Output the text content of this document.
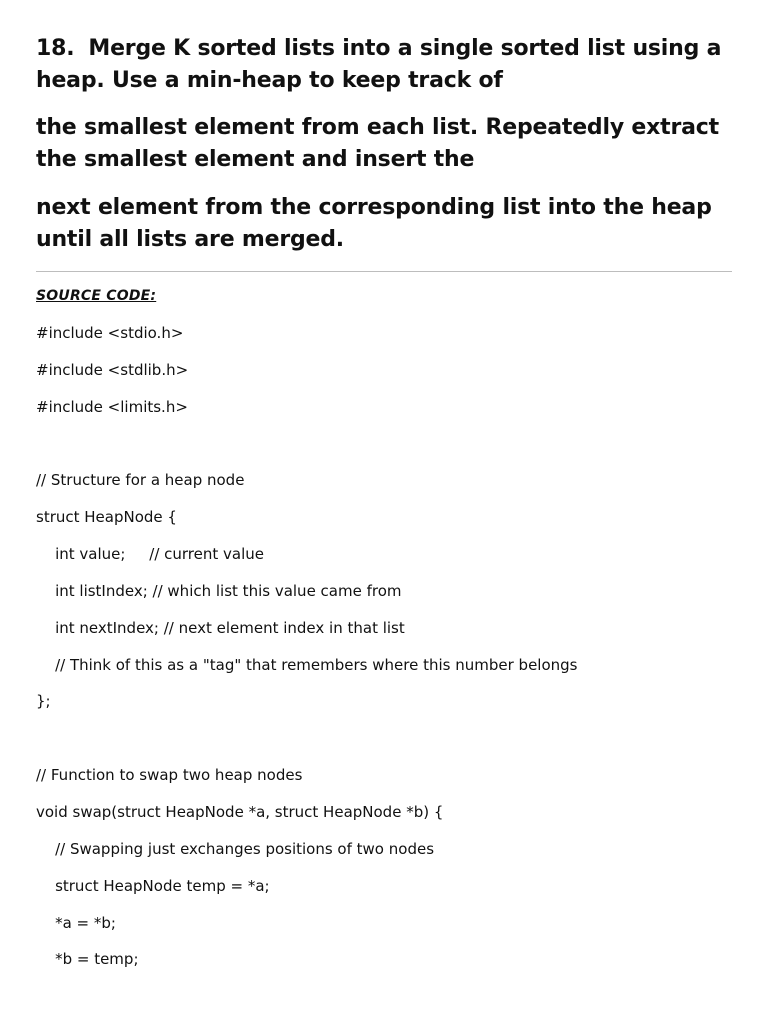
18. Merge K sorted lists into a single sorted list using a heap. Use a min-heap to keep track of

the smallest element from each list. Repeatedly extract the smallest element and insert the

next element from the corresponding list into the heap until all lists are merged.

SOURCE CODE:
#include <stdio.h>
#include <stdlib.h>
#include <limits.h>
// Structure for a heap node
struct HeapNode {
int value;     // current value
int listIndex; // which list this value came from
int nextIndex; // next element index in that list
// Think of this as a "tag" that remembers where this number belongs
};
// Function to swap two heap nodes
void swap(struct HeapNode *a, struct HeapNode *b) {
// Swapping just exchanges positions of two nodes
struct HeapNode temp = *a;
*a = *b;
*b = temp;
